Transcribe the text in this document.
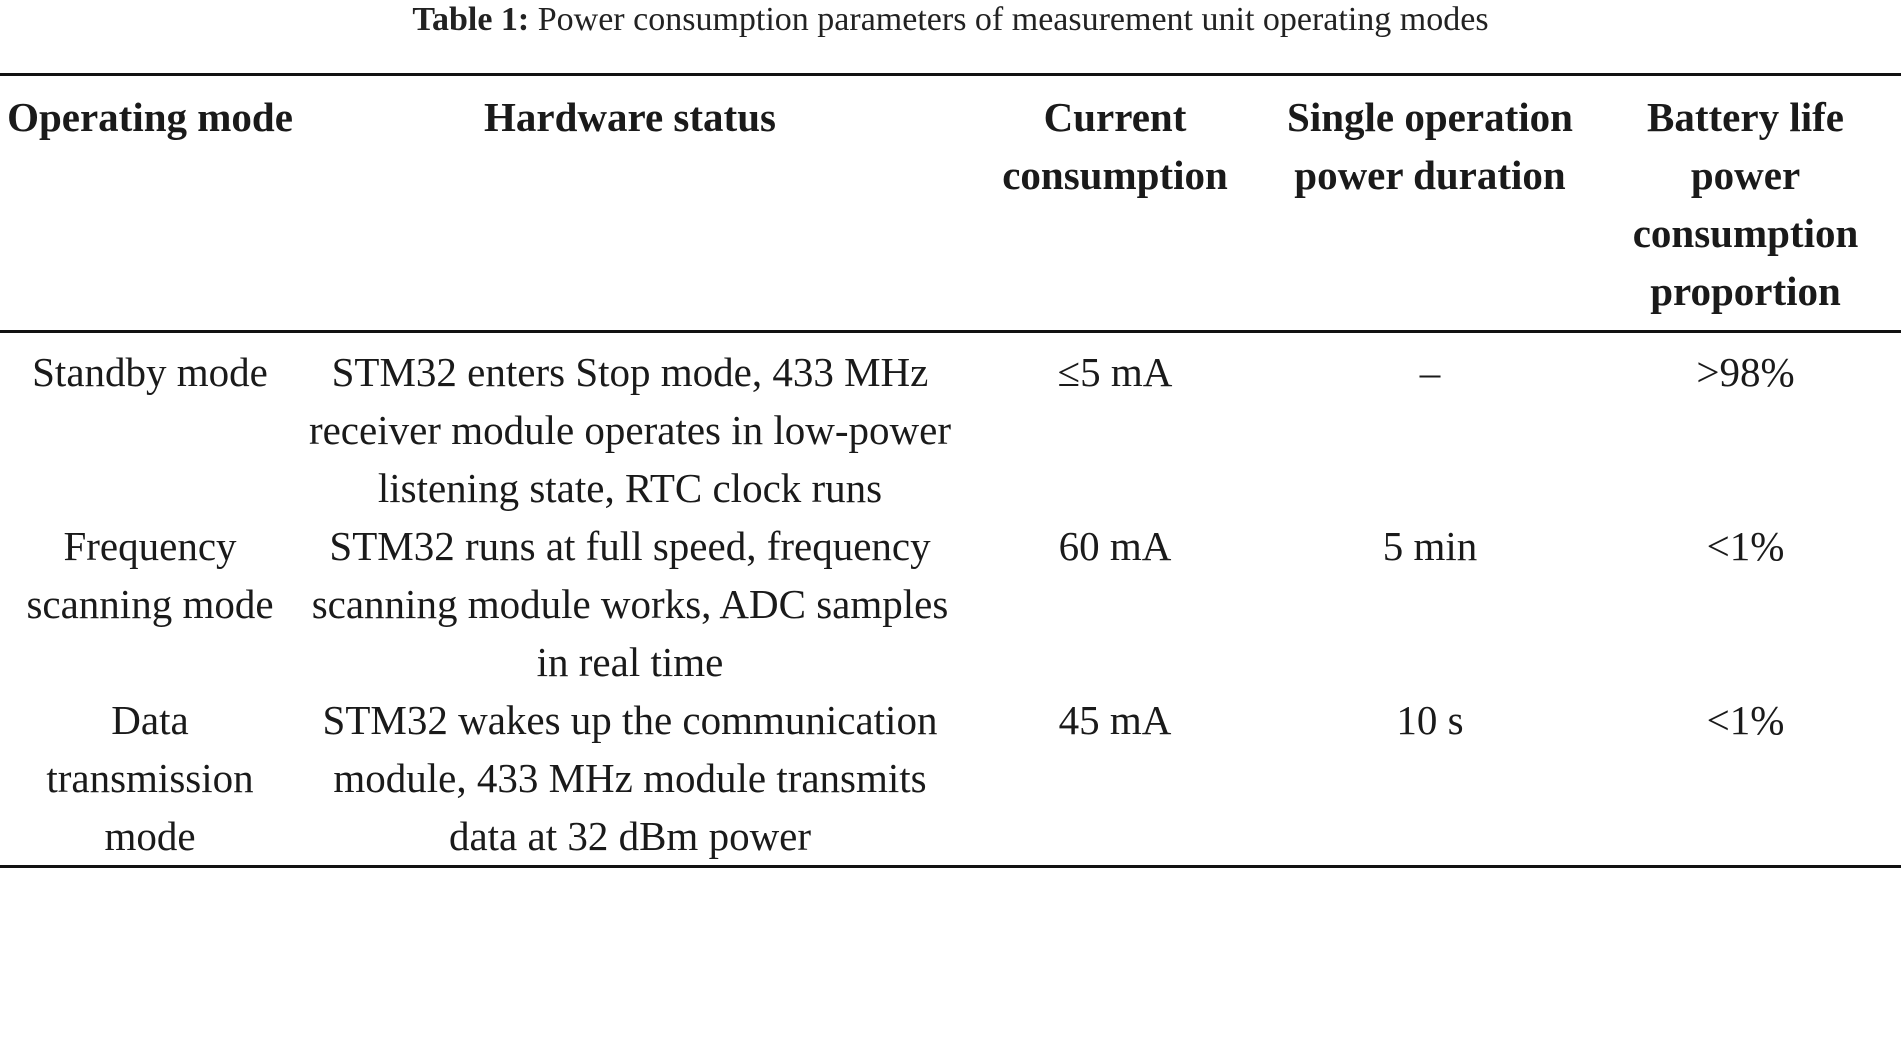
Table 1: Power consumption parameters of measurement unit operating modes
Operating mode	Hardware status	Current consumption	Single operation power duration	Battery life power consumption proportion
Standby mode	STM32 enters Stop mode, 433 MHz receiver module operates in low-power listening state, RTC clock runs	≤5 mA	–	>98%
Frequency scanning mode	STM32 runs at full speed, frequency scanning module works, ADC samples in real time	60 mA	5 min	<1%
Data transmission mode	STM32 wakes up the communication module, 433 MHz module transmits data at 32 dBm power	45 mA	10 s	<1%
